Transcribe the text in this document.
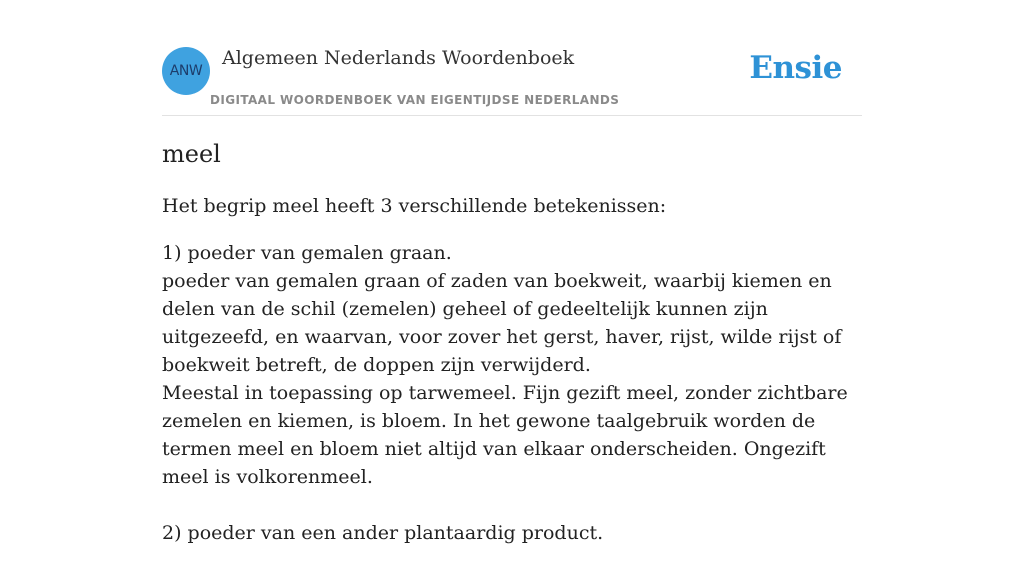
ANW
Algemeen Nederlands Woordenboek
DIGITAAL WOORDENBOEK VAN EIGENTIJDSE NEDERLANDS
Ensie
meel

Het begrip meel heeft 3 verschillende betekenissen:

1) poeder van gemalen graan.
poeder van gemalen graan of zaden van boekweit, waarbij kiemen en delen van de schil (zemelen) geheel of gedeeltelijk kunnen zijn uitgezeefd, en waarvan, voor zover het gerst, haver, rijst, wilde rijst of boekweit betreft, de doppen zijn verwijderd.
Meestal in toepassing op tarwemeel. Fijn gezift meel, zonder zichtbare zemelen en kiemen, is bloem. In het gewone taalgebruik worden de termen meel en bloem niet altijd van elkaar onderscheiden. Ongezift meel is volkorenmeel.
2) poeder van een ander plantaardig product.
